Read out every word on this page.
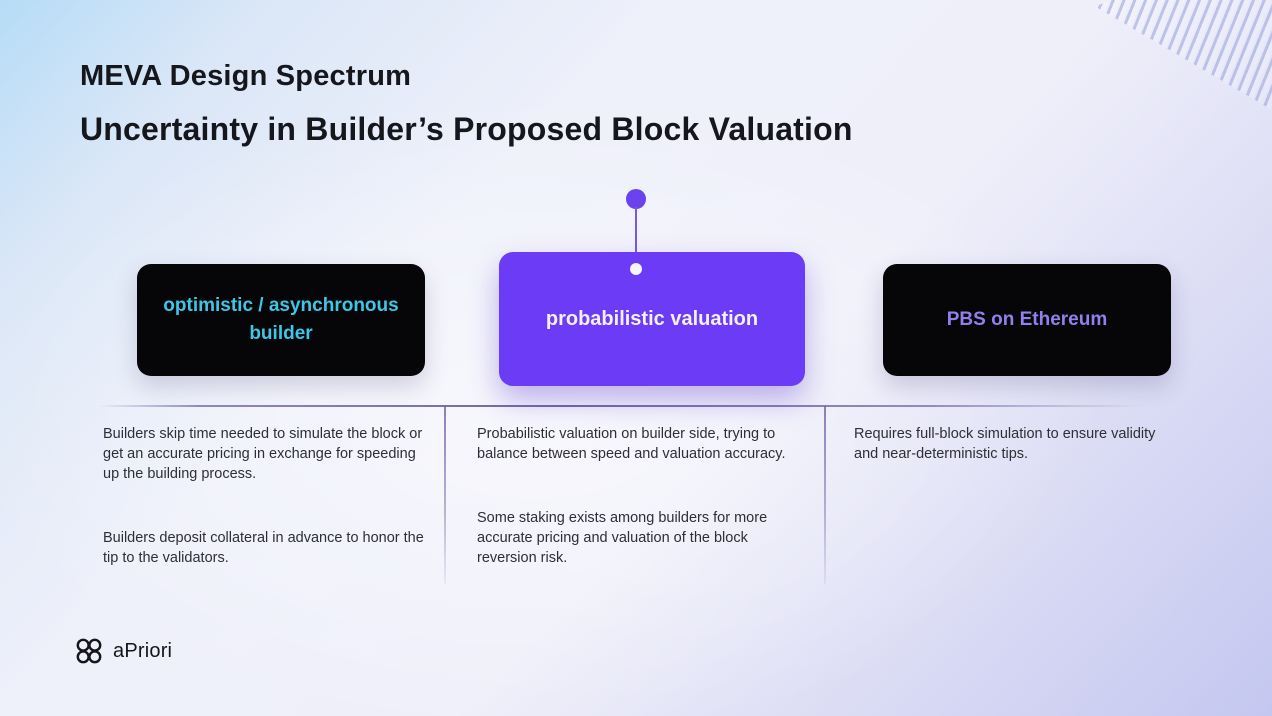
MEVA Design Spectrum
Uncertainty in Builder’s Proposed Block Valuation
optimistic / asynchronous builder
probabilistic valuation	PBS on Ethereum

Builders skip time needed to simulate the block or get an accurate pricing in exchange for speeding up the building process.

Builders deposit collateral in advance to honor the tip to the validators.

Probabilistic valuation on builder side, trying to balance between speed and valuation accuracy.

Some staking exists among builders for more accurate pricing and valuation of the block reversion risk.

Requires full-block simulation to ensure validity and near-deterministic tips.

aPriori
